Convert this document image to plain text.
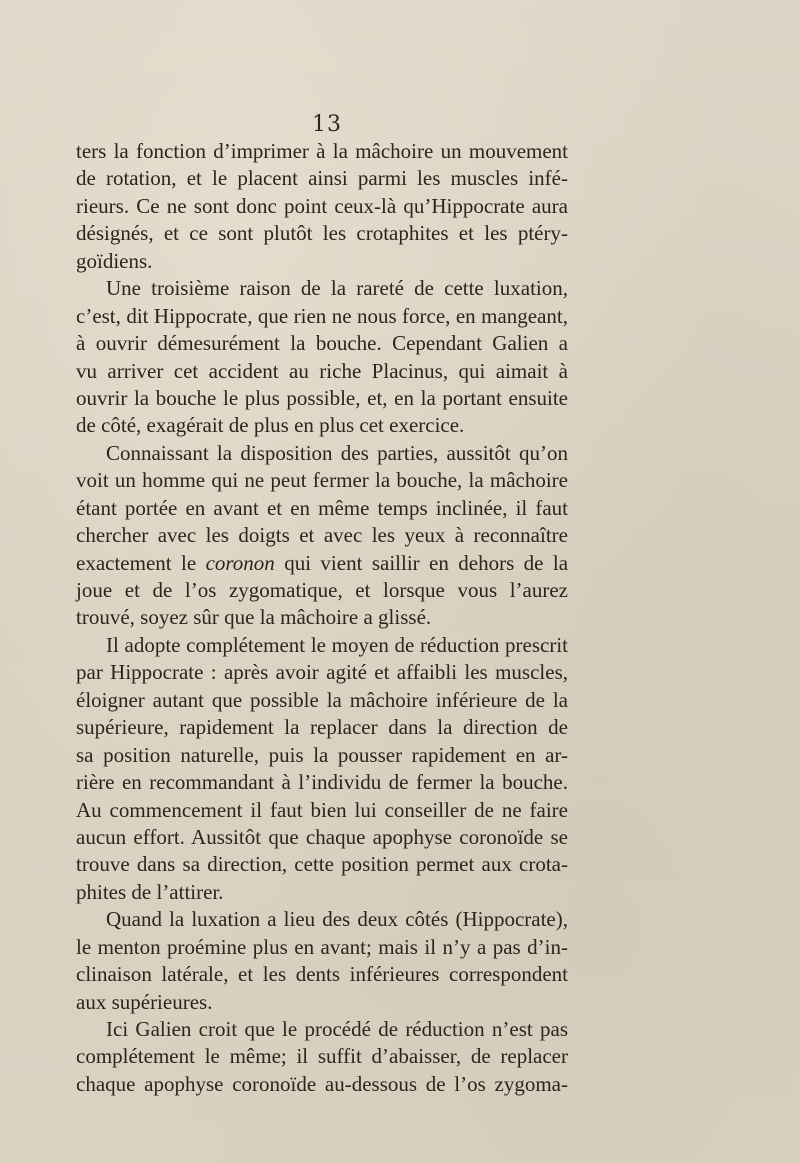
13
ters la fonction d’imprimer à la mâchoire un mouvement
de rotation, et le placent ainsi parmi les muscles infé-
rieurs. Ce ne sont donc point ceux-là qu’Hippocrate aura
désignés, et ce sont plutôt les crotaphites et les ptéry-
goïdiens.
Une troisième raison de la rareté de cette luxation,
c’est, dit Hippocrate, que rien ne nous force, en mangeant,
à ouvrir démesurément la bouche. Cependant Galien a
vu arriver cet accident au riche Placinus, qui aimait à
ouvrir la bouche le plus possible, et, en la portant ensuite
de côté, exagérait de plus en plus cet exercice.
Connaissant la disposition des parties, aussitôt qu’on
voit un homme qui ne peut fermer la bouche, la mâchoire
étant portée en avant et en même temps inclinée, il faut
chercher avec les doigts et avec les yeux à reconnaître
exactement le coronon qui vient saillir en dehors de la
joue et de l’os zygomatique, et lorsque vous l’aurez
trouvé, soyez sûr que la mâchoire a glissé.
Il adopte complétement le moyen de réduction prescrit
par Hippocrate : après avoir agité et affaibli les muscles,
éloigner autant que possible la mâchoire inférieure de la
supérieure, rapidement la replacer dans la direction de
sa position naturelle, puis la pousser rapidement en ar-
rière en recommandant à l’individu de fermer la bouche.
Au commencement il faut bien lui conseiller de ne faire
aucun effort. Aussitôt que chaque apophyse coronoïde se
trouve dans sa direction, cette position permet aux crota-
phites de l’attirer.
Quand la luxation a lieu des deux côtés (Hippocrate),
le menton proémine plus en avant; mais il n’y a pas d’in-
clinaison latérale, et les dents inférieures correspondent
aux supérieures.
Ici Galien croit que le procédé de réduction n’est pas
complétement le même; il suffit d’abaisser, de replacer
chaque apophyse coronoïde au-dessous de l’os zygoma-
